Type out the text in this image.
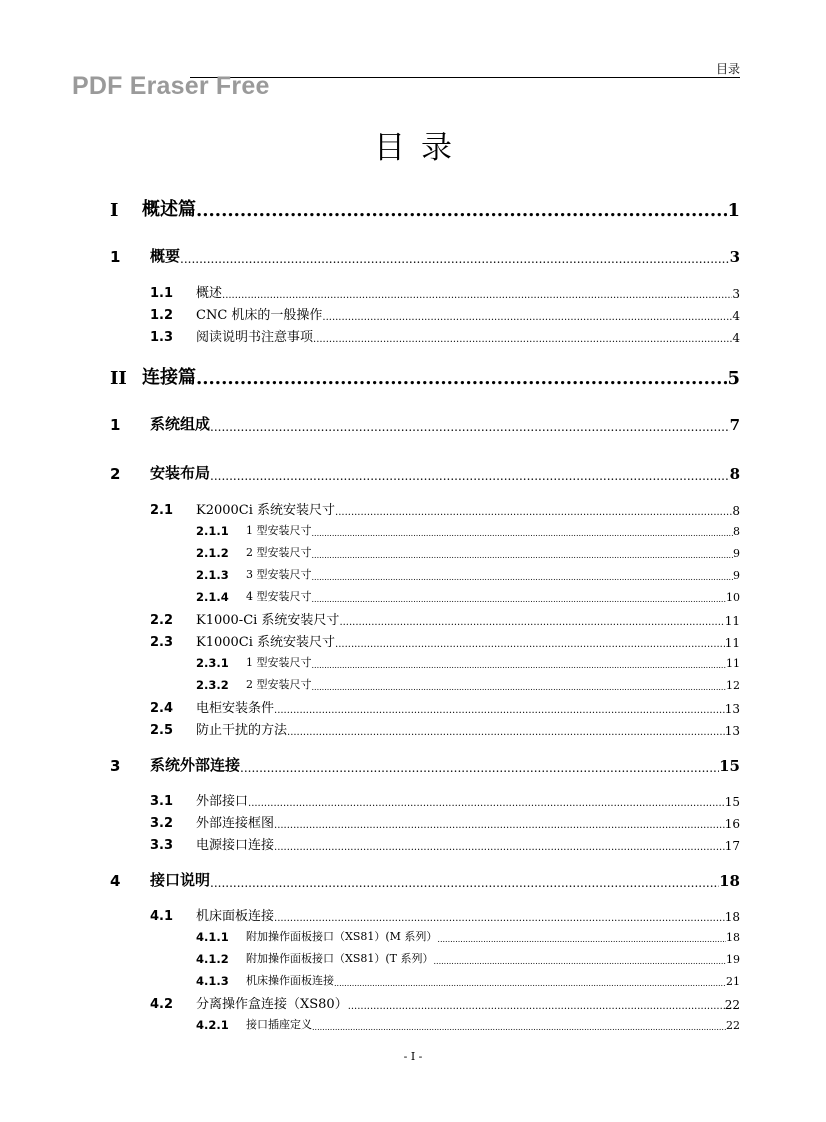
目录
PDF Eraser Free
目录
I	概述篇 .....	1
1	概要 .....	3
1.1	概述 .....	3
1.2	CNC 机床的一般操作 .....	4
1.3	阅读说明书注意事项 .....	4
II 连接篇 .....	5
1	系统组成 .....	7
2	安装布局 .....	8
2.1	K2000Ci 系统安装尺寸 .....	8
2.1.1	1 型安装尺寸 .....	8
2.1.2	2 型安装尺寸 .....	9
2.1.3	3 型安装尺寸 .....	9
2.1.4	4 型安装尺寸 .....	10
2.2	K1000-Ci 系统安装尺寸 .....	11
2.3	K1000Ci 系统安装尺寸 .....	11
2.3.1	1 型安装尺寸 .....	11
2.3.2	2 型安装尺寸 .....	12
2.4	电柜安装条件 .....	13
2.5	防止干扰的方法 .....	13
3	系统外部连接 .....	15
3.1	外部接口 .....	15
3.2	外部连接框图 .....	16
3.3	电源接口连接 .....	17
4	接口说明 .....	18
4.1	机床面板连接 .....	18
4.1.1	附加操作面板接口（XS81）(M 系列） .....	18
4.1.2	附加操作面板接口（XS81）(T 系列） .....	19
4.1.3	机床操作面板连接 .....	21
4.2	分离操作盒连接（XS80） .....	22
4.2.1	接口插座定义 .....	22
- I -
